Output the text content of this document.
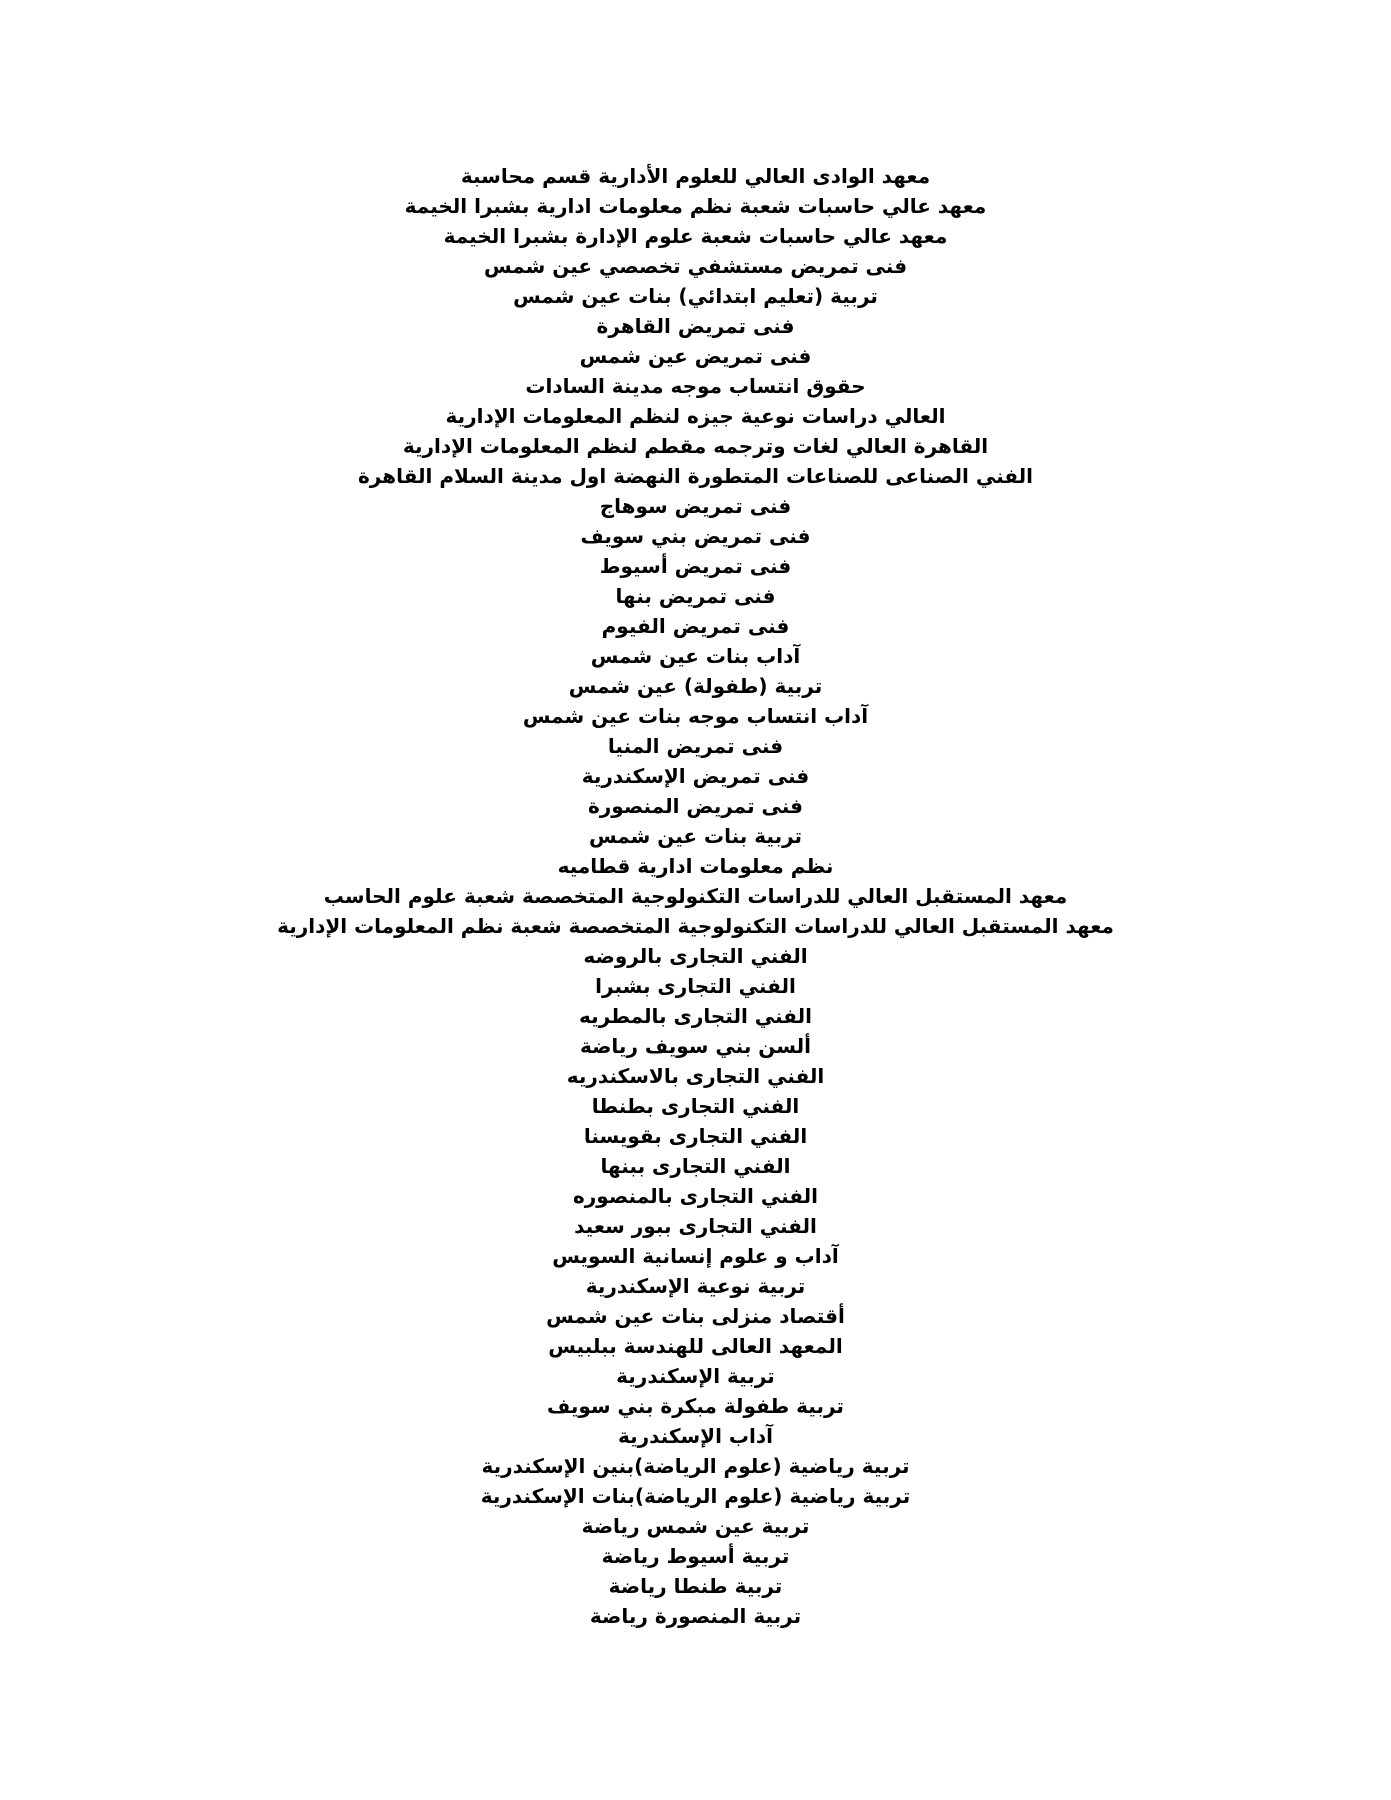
معهد الوادى العالي للعلوم الأدارية قسم محاسبة
معهد عالي حاسبات شعبة نظم معلومات ادارية بشبرا الخيمة
معهد عالي حاسبات شعبة علوم الإدارة بشبرا الخيمة
فنى تمريض مستشفي تخصصي عين شمس
تربية (تعليم ابتدائي) بنات عين شمس
فنى تمريض القاهرة
فنى تمريض عين شمس
حقوق انتساب موجه مدينة السادات
العالي دراسات نوعية جيزه لنظم المعلومات الإدارية
القاهرة العالي لغات وترجمه مقطم لنظم المعلومات الإدارية
الفني الصناعى للصناعات المتطورة النهضة اول مدينة السلام القاهرة
فنى تمريض سوهاج
فنى تمريض بني سويف
فنى تمريض أسيوط
فنى تمريض بنها
فنى تمريض الفيوم
آداب بنات عين شمس
تربية (طفولة) عين شمس
آداب انتساب موجه بنات عين شمس
فنى تمريض المنيا
فنى تمريض الإسكندرية
فنى تمريض المنصورة
تربية بنات عين شمس
نظم معلومات ادارية قطاميه
معهد المستقبل العالي للدراسات التكنولوجية المتخصصة شعبة علوم الحاسب
معهد المستقبل العالي للدراسات التكنولوجية المتخصصة شعبة نظم المعلومات الإدارية
الفني التجارى بالروضه
الفني التجارى بشبرا
الفني التجارى بالمطريه
ألسن بني سويف رياضة
الفني التجارى بالاسكندريه
الفني التجارى بطنطا
الفني التجارى بقويسنا
الفني التجارى ببنها
الفني التجارى بالمنصوره
الفني التجارى ببور سعيد
آداب و علوم إنسانية السويس
تربية نوعية الإسكندرية
أقتصاد منزلى بنات عين شمس
المعهد العالى للهندسة ببلبيس
تربية الإسكندرية
تربية طفولة مبكرة بني سويف
آداب الإسكندرية
تربية رياضية (علوم الرياضة)بنين الإسكندرية
تربية رياضية (علوم الرياضة)بنات الإسكندرية
تربية عين شمس رياضة
تربية أسيوط رياضة
تربية طنطا رياضة
تربية المنصورة رياضة
